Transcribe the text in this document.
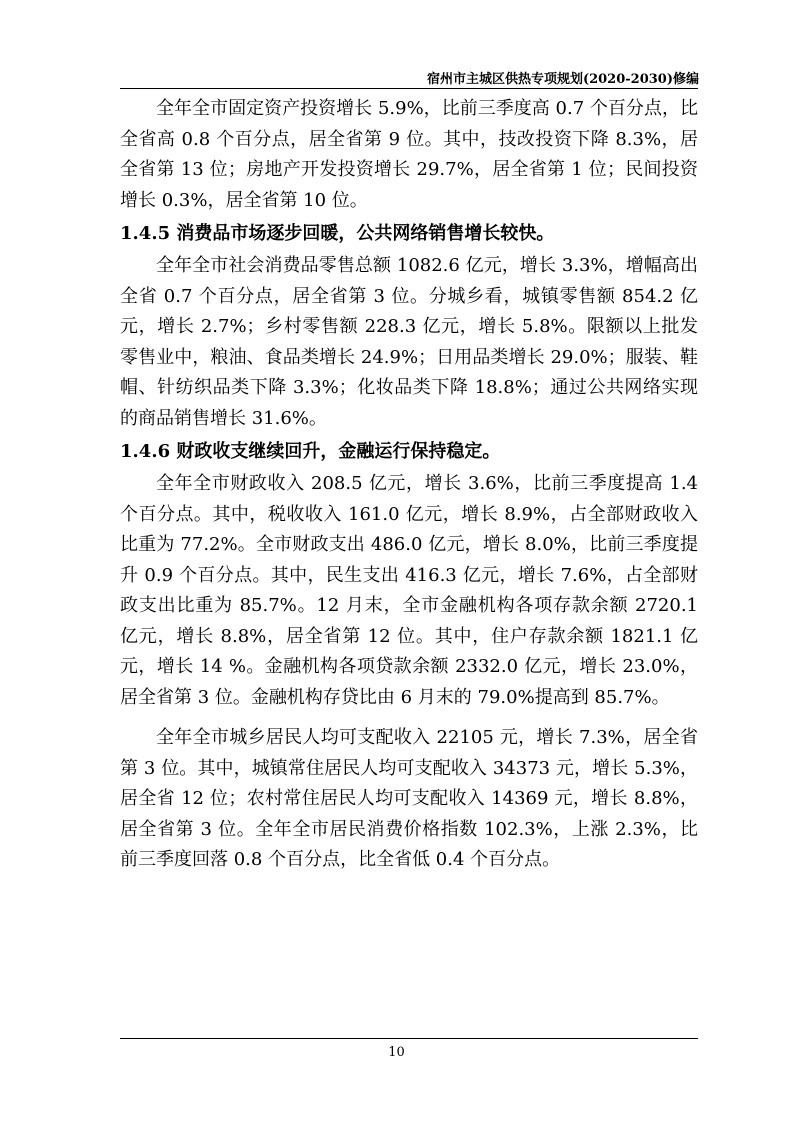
宿州市主城区供热专项规划(2020-2030)修编

全年全市固定资产投资增长 5.9%，比前三季度高 0.7 个百分点，比全省高 0.8 个百分点，居全省第 9 位。其中，技改投资下降 8.3%，居全省第 13 位；房地产开发投资增长 29.7%，居全省第 1 位；民间投资增长 0.3%，居全省第 10 位。

1.4.5 消费品市场逐步回暖，公共网络销售增长较快。

全年全市社会消费品零售总额 1082.6 亿元，增长 3.3%，增幅高出全省 0.7 个百分点，居全省第 3 位。分城乡看，城镇零售额 854.2 亿元，增长 2.7%；乡村零售额 228.3 亿元，增长 5.8%。限额以上批发零售业中，粮油、食品类增长 24.9%；日用品类增长 29.0%；服装、鞋帽、针纺织品类下降 3.3%；化妆品类下降 18.8%；通过公共网络实现的商品销售增长 31.6%。

1.4.6 财政收支继续回升，金融运行保持稳定。

全年全市财政收入 208.5 亿元，增长 3.6%，比前三季度提高 1.4 个百分点。其中，税收收入 161.0 亿元，增长 8.9%，占全部财政收入比重为 77.2%。全市财政支出 486.0 亿元，增长 8.0%，比前三季度提升 0.9 个百分点。其中，民生支出 416.3 亿元，增长 7.6%，占全部财政支出比重为 85.7%。12 月末，全市金融机构各项存款余额 2720.1 亿元，增长 8.8%，居全省第 12 位。其中，住户存款余额 1821.1 亿元，增长 14 %。金融机构各项贷款余额 2332.0 亿元，增长 23.0%，居全省第 3 位。金融机构存贷比由 6 月末的 79.0%提高到 85.7%。

全年全市城乡居民人均可支配收入 22105 元，增长 7.3%，居全省第 3 位。其中，城镇常住居民人均可支配收入 34373 元，增长 5.3%，居全省 12 位；农村常住居民人均可支配收入 14369 元，增长 8.8%，居全省第 3 位。全年全市居民消费价格指数 102.3%，上涨 2.3%，比前三季度回落 0.8 个百分点，比全省低 0.4 个百分点。

10
